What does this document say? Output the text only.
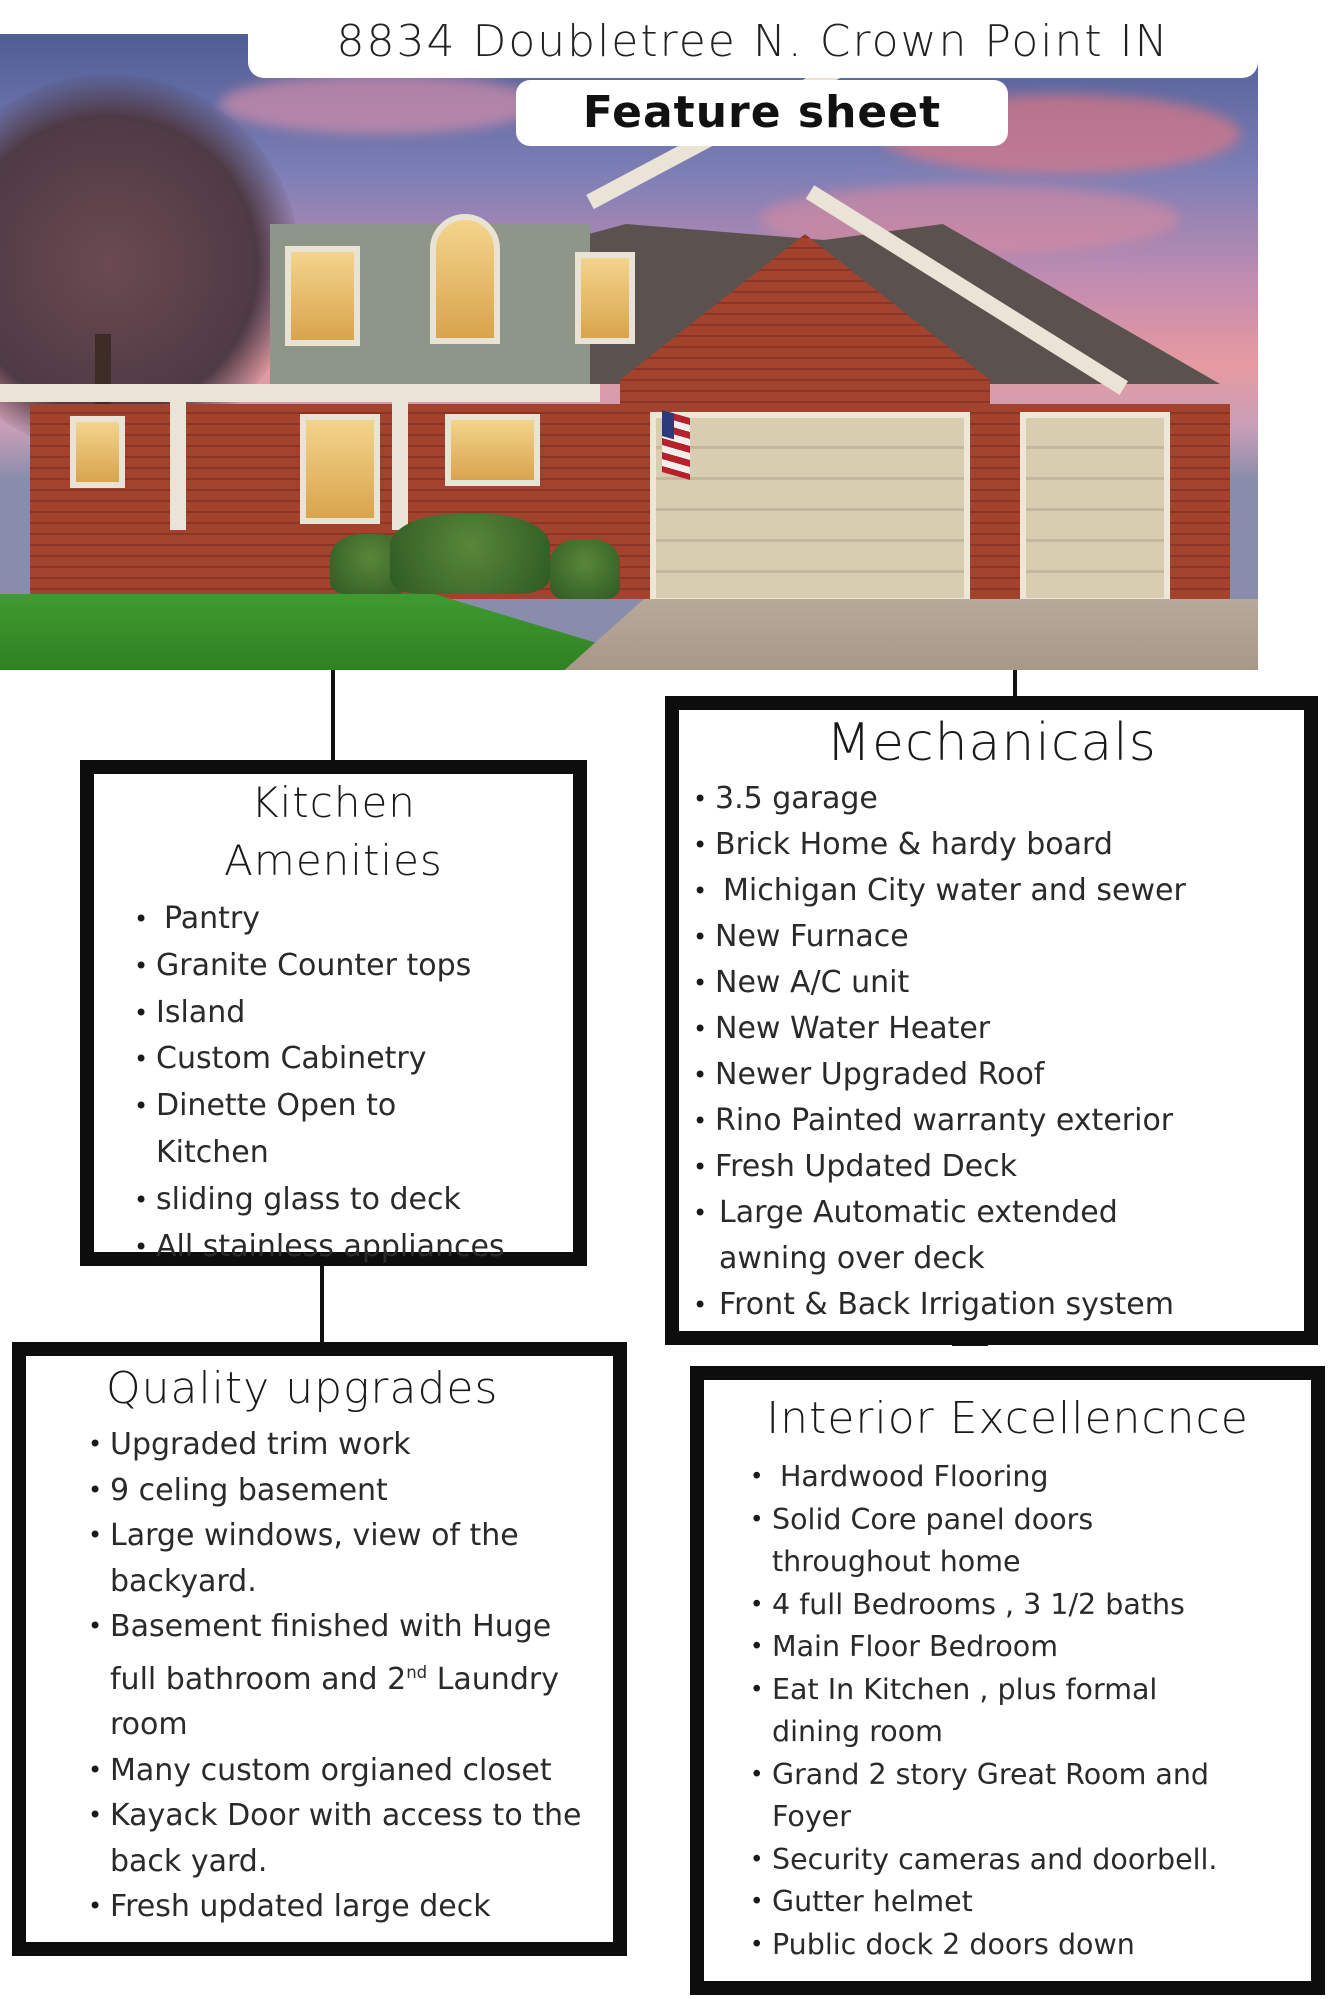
8834 Doubletree N. Crown Point IN
Feature sheet
Kitchen
Amenities
• Pantry
• Granite Counter tops
• Island
• Custom Cabinetry
• Dinette Open to
Kitchen
• sliding glass to deck
• All stainless appliances
Mechanicals
• 3.5 garage
• Brick Home & hardy board
• Michigan City water and sewer
• New Furnace
• New A/C unit
• New Water Heater
• Newer Upgraded Roof
• Rino Painted warranty exterior
• Fresh Updated Deck
• Large Automatic extended
awning over deck
• Front & Back Irrigation system
Quality upgrades
• Upgraded trim work
• 9 celing basement
• Large windows, view of the
backyard.
• Basement finished with Huge
full bathroom and 2nd Laundry
room
• Many custom orgianed closet
• Kayack Door with access to the
back yard.
• Fresh updated large deck
Interior Excellencnce
• Hardwood Flooring
• Solid Core panel doors
throughout home
• 4 full Bedrooms , 3 1/2 baths
• Main Floor Bedroom
• Eat In Kitchen , plus formal
dining room
• Grand 2 story Great Room and
Foyer
• Security cameras and doorbell.
• Gutter helmet
• Public dock 2 doors down
